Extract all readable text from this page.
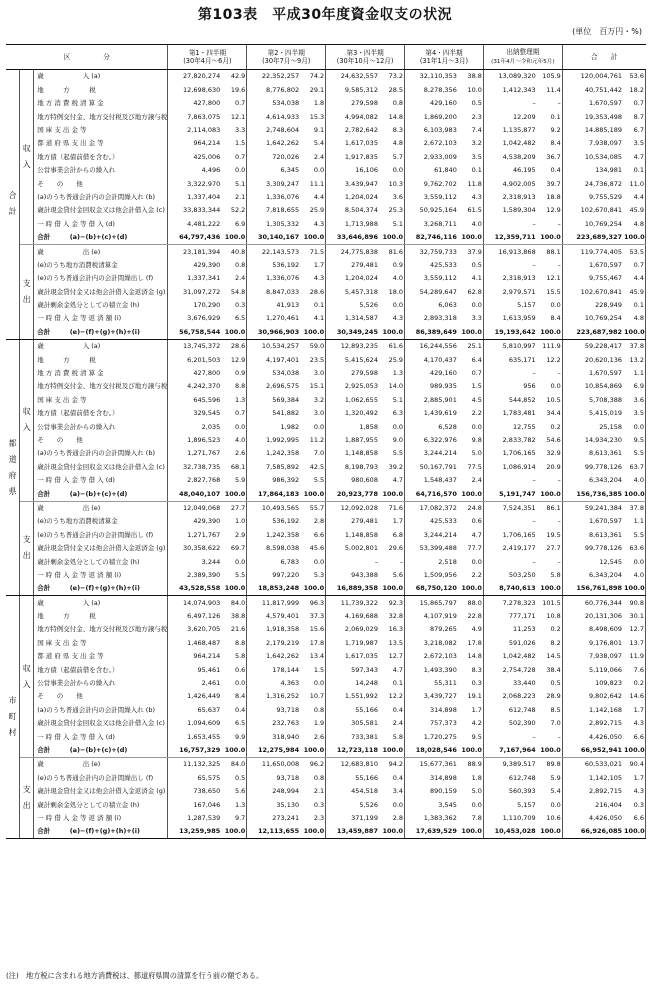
第103表　平成30年度資金収支の状況
(単位　百万円・%)
区　　　　　分			第1・四半期
(30年4月〜6月)		第2・四半期
(30年7月〜9月)		第3・四半期
(30年10月〜12月)		第4・四半期
(31年1月〜3月)		出納整理期
(31年4月〜令和元年5月)		合　　計	
合

計	収

入	歳　　　　　　入 (a)	27,820,274	42.9	22,352,257	74.2	24,632,557	73.2	32,110,353	38.8	13,089,320	105.9	120,004,761	53.6
		地　　　方　　　税	12,698,630	19.6	8,776,802	29.1	9,585,312	28.5	8,278,356	10.0	1,412,343	11.4	40,751,442	18.2
		地 方 消 費 税 清 算 金	427,800	0.7	534,038	1.8	279,598	0.8	429,160	0.5	–	–	1,670,597	0.7
		地方特例交付金、地方交付税及び地方譲与税	7,863,075	12.1	4,614,933	15.3	4,994,082	14.8	1,869,200	2.3	12,209	0.1	19,353,498	8.7
		国 庫 支 出 金 等	2,114,083	3.3	2,748,604	9.1	2,782,642	8.3	6,103,983	7.4	1,135,877	9.2	14,885,189	6.7
		都 道 府 県 支 出 金 等	964,214	1.5	1,642,262	5.4	1,617,035	4.8	2,672,103	3.2	1,042,482	8.4	7,938,097	3.5
		地方債（起債前借を含む。）	425,006	0.7	720,026	2.4	1,917,835	5.7	2,933,009	3.5	4,538,209	36.7	10,534,085	4.7
		公営事業会計からの繰入れ	4,496	0.0	6,345	0.0	16,106	0.0	61,840	0.1	46,195	0.4	134,981	0.1
		そ　　の　　他	3,322,970	5.1	3,309,247	11.1	3,439,947	10.3	9,762,702	11.8	4,902,005	39.7	24,736,872	11.0
		(a)のうち普通会計内の会計間繰入れ (b)	1,337,404	2.1	1,336,076	4.4	1,204,024	3.6	3,559,112	4.3	2,318,913	18.8	9,755,529	4.4
		歳計現金貸付金回収金又は他会計借入金 (c)	33,833,344	52.2	7,818,655	25.9	8,504,374	25.3	50,925,164	61.5	1,589,304	12.9	102,670,841	45.9
		一 時 借 入 金 等 借 入 (d)	4,481,222	6.9	1,305,332	4.3	1,713,988	5.1	3,268,711	4.0	–	–	10,769,254	4.8
		合計　　　(a)−(b)+(c)+(d)	64,797,436	100.0	30,140,167	100.0	33,646,896	100.0	82,746,116	100.0	12,359,711	100.0	223,689,327	100.0
	支

出	歳　　　　　　出 (e)	23,181,394	40.8	22,143,573	71.5	24,775,838	81.6	32,759,733	37.9	16,913,868	88.1	119,774,405	53.5
		(e)のうち地方消費税清算金	429,390	0.8	536,192	1.7	279,481	0.9	425,533	0.5	–	–	1,670,597	0.7
		(e)のうち普通会計内の会計間繰出し (f)	1,337,341	2.4	1,336,076	4.3	1,204,024	4.0	3,559,112	4.1	2,318,913	12.1	9,755,467	4.4
		歳計現金貸付金又は他会計借入金返済金 (g)	31,097,272	54.8	8,847,033	28.6	5,457,318	18.0	54,289,647	62.8	2,979,571	15.5	102,670,841	45.9
		歳計剰余金処分としての積立金 (h)	170,290	0.3	41,913	0.1	5,526	0.0	6,063	0.0	5,157	0.0	228,949	0.1
		一 時 借 入 金 等 返 済 額 (i)	3,676,929	6.5	1,270,461	4.1	1,314,587	4.3	2,893,318	3.3	1,613,959	8.4	10,769,254	4.8
		合計　　　(e)−(f)+(g)+(h)+(i)	56,758,544	100.0	30,966,903	100.0	30,349,245	100.0	86,389,649	100.0	19,193,642	100.0	223,687,982	100.0
都

道

府

県	収

入	歳　　　　　　入 (a)	13,745,372	28.6	10,534,257	59.0	12,893,235	61.6	16,244,556	25.1	5,810,997	111.9	59,228,417	37.8
		地　　　方　　　税	6,201,503	12.9	4,197,401	23.5	5,415,624	25.9	4,170,437	6.4	635,171	12.2	20,620,136	13.2
		地 方 消 費 税 清 算 金	427,800	0.9	534,038	3.0	279,598	1.3	429,160	0.7	–	–	1,670,597	1.1
		地方特例交付金、地方交付税及び地方譲与税	4,242,370	8.8	2,696,575	15.1	2,925,053	14.0	989,935	1.5	956	0.0	10,854,869	6.9
		国 庫 支 出 金 等	645,596	1.3	569,384	3.2	1,062,655	5.1	2,885,901	4.5	544,852	10.5	5,708,388	3.6
		地方債（起債前借を含む。）	329,545	0.7	541,882	3.0	1,320,492	6.3	1,439,619	2.2	1,783,481	34.4	5,415,019	3.5
		公営事業会計からの繰入れ	2,035	0.0	1,982	0.0	1,858	0.0	6,528	0.0	12,755	0.2	25,158	0.0
		そ　　の　　他	1,896,523	4.0	1,992,995	11.2	1,887,955	9.0	6,322,976	9.8	2,833,782	54.6	14,934,230	9.5
		(a)のうち普通会計内の会計間繰入れ (b)	1,271,767	2.6	1,242,358	7.0	1,148,858	5.5	3,244,214	5.0	1,706,165	32.9	8,613,361	5.5
		歳計現金貸付金回収金又は他会計借入金 (c)	32,738,735	68.1	7,585,892	42.5	8,198,793	39.2	50,167,791	77.5	1,086,914	20.9	99,778,126	63.7
		一 時 借 入 金 等 借 入 (d)	2,827,768	5.9	986,392	5.5	980,608	4.7	1,548,437	2.4	–	–	6,343,204	4.0
		合計　　　(a)−(b)+(c)+(d)	48,040,107	100.0	17,864,183	100.0	20,923,778	100.0	64,716,570	100.0	5,191,747	100.0	156,736,385	100.0
	支

出	歳　　　　　　出 (e)	12,049,068	27.7	10,493,565	55.7	12,092,028	71.6	17,082,372	24.8	7,524,351	86.1	59,241,384	37.8
		(e)のうち地方消費税清算金	429,390	1.0	536,192	2.8	279,481	1.7	425,533	0.6	–	–	1,670,597	1.1
		(e)のうち普通会計内の会計間繰出し (f)	1,271,767	2.9	1,242,358	6.6	1,148,858	6.8	3,244,214	4.7	1,706,165	19.5	8,613,361	5.5
		歳計現金貸付金又は他会計借入金返済金 (g)	30,358,622	69.7	8,598,038	45.6	5,002,801	29.6	53,399,488	77.7	2,419,177	27.7	99,778,126	63.6
		歳計剰余金処分としての積立金 (h)	3,244	0.0	6,783	0.0	–	–	2,518	0.0	–	–	12,545	0.0
		一 時 借 入 金 等 返 済 額 (i)	2,389,390	5.5	997,220	5.3	943,388	5.6	1,509,956	2.2	503,250	5.8	6,343,204	4.0
		合計　　　(e)−(f)+(g)+(h)+(i)	43,528,558	100.0	18,853,248	100.0	16,889,358	100.0	68,750,120	100.0	8,740,613	100.0	156,761,898	100.0
市

町

村	収

入	歳　　　　　　入 (a)	14,074,903	84.0	11,817,999	96.3	11,739,322	92.3	15,865,797	88.0	7,278,323	101.5	60,776,344	90.8
		地　　　方　　　税	6,497,126	38.8	4,579,401	37.3	4,169,688	32.8	4,107,919	22.8	777,171	10.8	20,131,306	30.1
		地方特例交付金、地方交付税及び地方譲与税	3,620,705	21.6	1,918,358	15.6	2,069,029	16.3	879,265	4.9	11,253	0.2	8,498,609	12.7
		国 庫 支 出 金 等	1,468,487	8.8	2,179,219	17.8	1,719,987	13.5	3,218,082	17.8	591,026	8.2	9,176,801	13.7
		都 道 府 県 支 出 金 等	964,214	5.8	1,642,262	13.4	1,617,035	12.7	2,672,103	14.8	1,042,482	14.5	7,938,097	11.9
		地方債（起債前借を含む。）	95,461	0.6	178,144	1.5	597,343	4.7	1,493,390	8.3	2,754,728	38.4	5,119,066	7.6
		公営事業会計からの繰入れ	2,461	0.0	4,363	0.0	14,248	0.1	55,311	0.3	33,440	0.5	109,823	0.2
		そ　　の　　他	1,426,449	8.4	1,316,252	10.7	1,551,992	12.2	3,439,727	19.1	2,068,223	28.9	9,802,642	14.6
		(a)のうち普通会計内の会計間繰入れ (b)	65,637	0.4	93,718	0.8	55,166	0.4	314,898	1.7	612,748	8.5	1,142,168	1.7
		歳計現金貸付金回収金又は他会計借入金 (c)	1,094,609	6.5	232,763	1.9	305,581	2.4	757,373	4.2	502,390	7.0	2,892,715	4.3
		一 時 借 入 金 等 借 入 (d)	1,653,455	9.9	318,940	2.6	733,381	5.8	1,720,275	9.5	–	–	4,426,050	6.6
		合計　　　(a)−(b)+(c)+(d)	16,757,329	100.0	12,275,984	100.0	12,723,118	100.0	18,028,546	100.0	7,167,964	100.0	66,952,941	100.0
	支

出	歳　　　　　　出 (e)	11,132,325	84.0	11,650,008	96.2	12,683,810	94.2	15,677,361	88.9	9,389,517	89.8	60,533,021	90.4
		(e)のうち普通会計内の会計間繰出し (f)	65,575	0.5	93,718	0.8	55,166	0.4	314,898	1.8	612,748	5.9	1,142,105	1.7
		歳計現金貸付金又は他会計借入金返済金 (g)	738,650	5.6	248,994	2.1	454,518	3.4	890,159	5.0	560,393	5.4	2,892,715	4.3
		歳計剰余金処分としての積立金 (h)	167,046	1.3	35,130	0.3	5,526	0.0	3,545	0.0	5,157	0.0	216,404	0.3
		一 時 借 入 金 等 返 済 額 (i)	1,287,539	9.7	273,241	2.3	371,199	2.8	1,383,362	7.8	1,110,709	10.6	4,426,050	6.6
		合計　　　(e)−(f)+(g)+(h)+(i)	13,259,985	100.0	12,113,655	100.0	13,459,887	100.0	17,639,529	100.0	10,453,028	100.0	66,926,085	100.0
(注)　地方税に含まれる地方消費税は、都道府県間の清算を行う前の額である。
